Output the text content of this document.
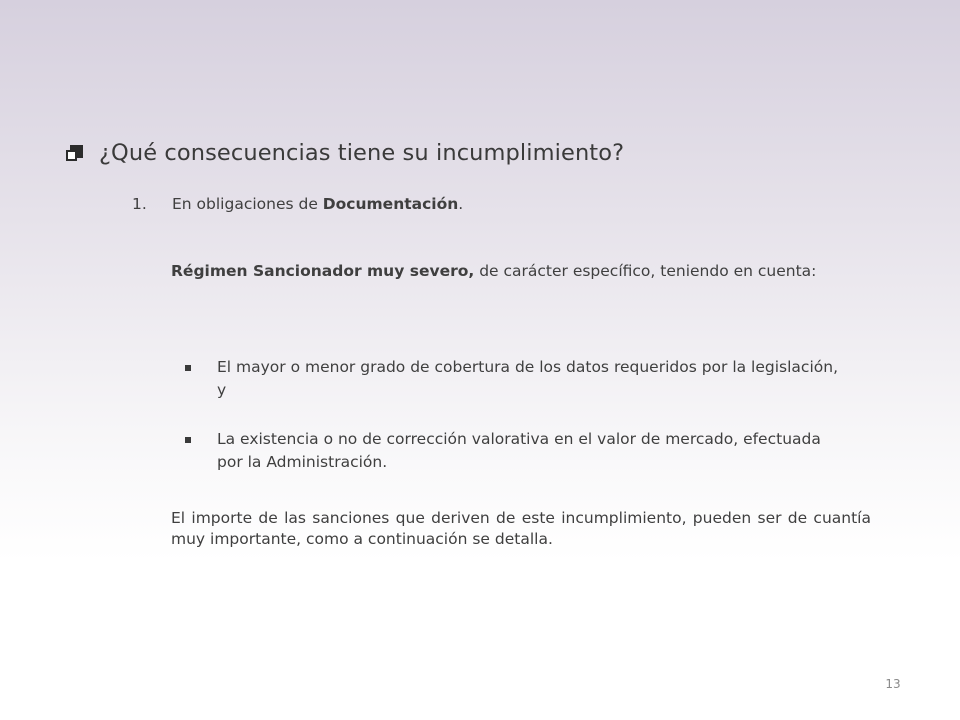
¿Qué consecuencias tiene su incumplimiento?
1. En obligaciones de Documentación.
Régimen Sancionador muy severo, de carácter específico, teniendo en cuenta:
El mayor o menor grado de cobertura de los datos requeridos por la legislación, y
La existencia o no de corrección valorativa en el valor de mercado, efectuada por la Administración.
El importe de las sanciones que deriven de este incumplimiento, pueden ser de cuantía muy importante, como a continuación se detalla.
13
